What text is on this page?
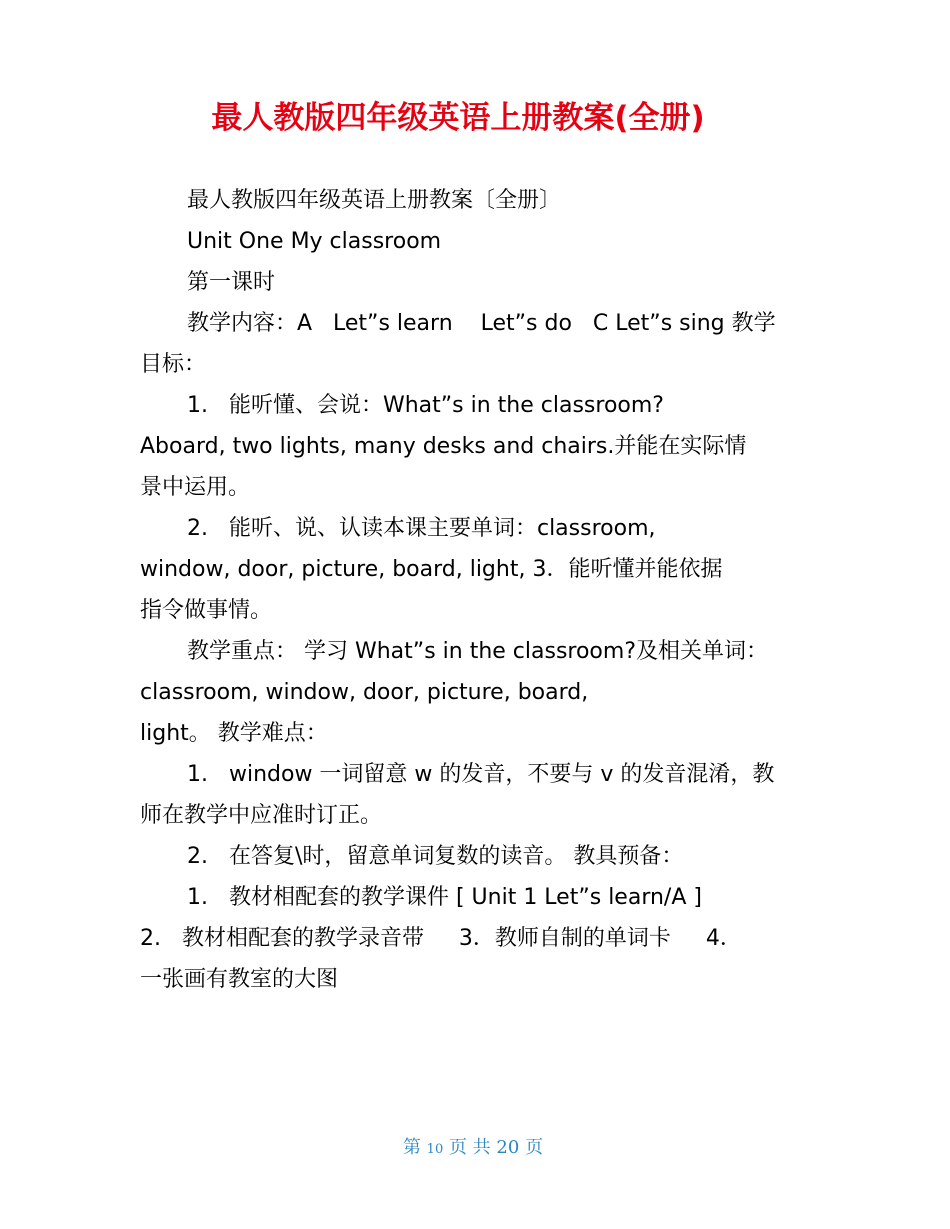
最人教版四年级英语上册教案(全册)
最人教版四年级英语上册教案〔全册〕
Unit One My classroom
第一课时
教学内容：A   Let”s learn    Let”s do   C Let”s sing 教学
目标：
1.   能听懂、会说：What”s in the classroom?
Aboard, two lights, many desks and chairs.并能在实际情
景中运用。
2.   能听、说、认读本课主要单词：classroom,
window, door, picture, board, light, 3．能听懂并能依据
指令做事情。
教学重点： 学习 What”s in the classroom?及相关单词：
classroom, window, door, picture, board,
light。 教学难点：
1.   window 一词留意 w 的发音，不要与 v 的发音混淆，教
师在教学中应准时订正。
2.   在答复\时，留意单词复数的读音。 教具预备：
1.   教材相配套的教学课件 [ Unit 1 Let”s learn/A ]
2.   教材相配套的教学录音带     3．教师自制的单词卡     4．
一张画有教室的大图
第 10 页 共 20 页
